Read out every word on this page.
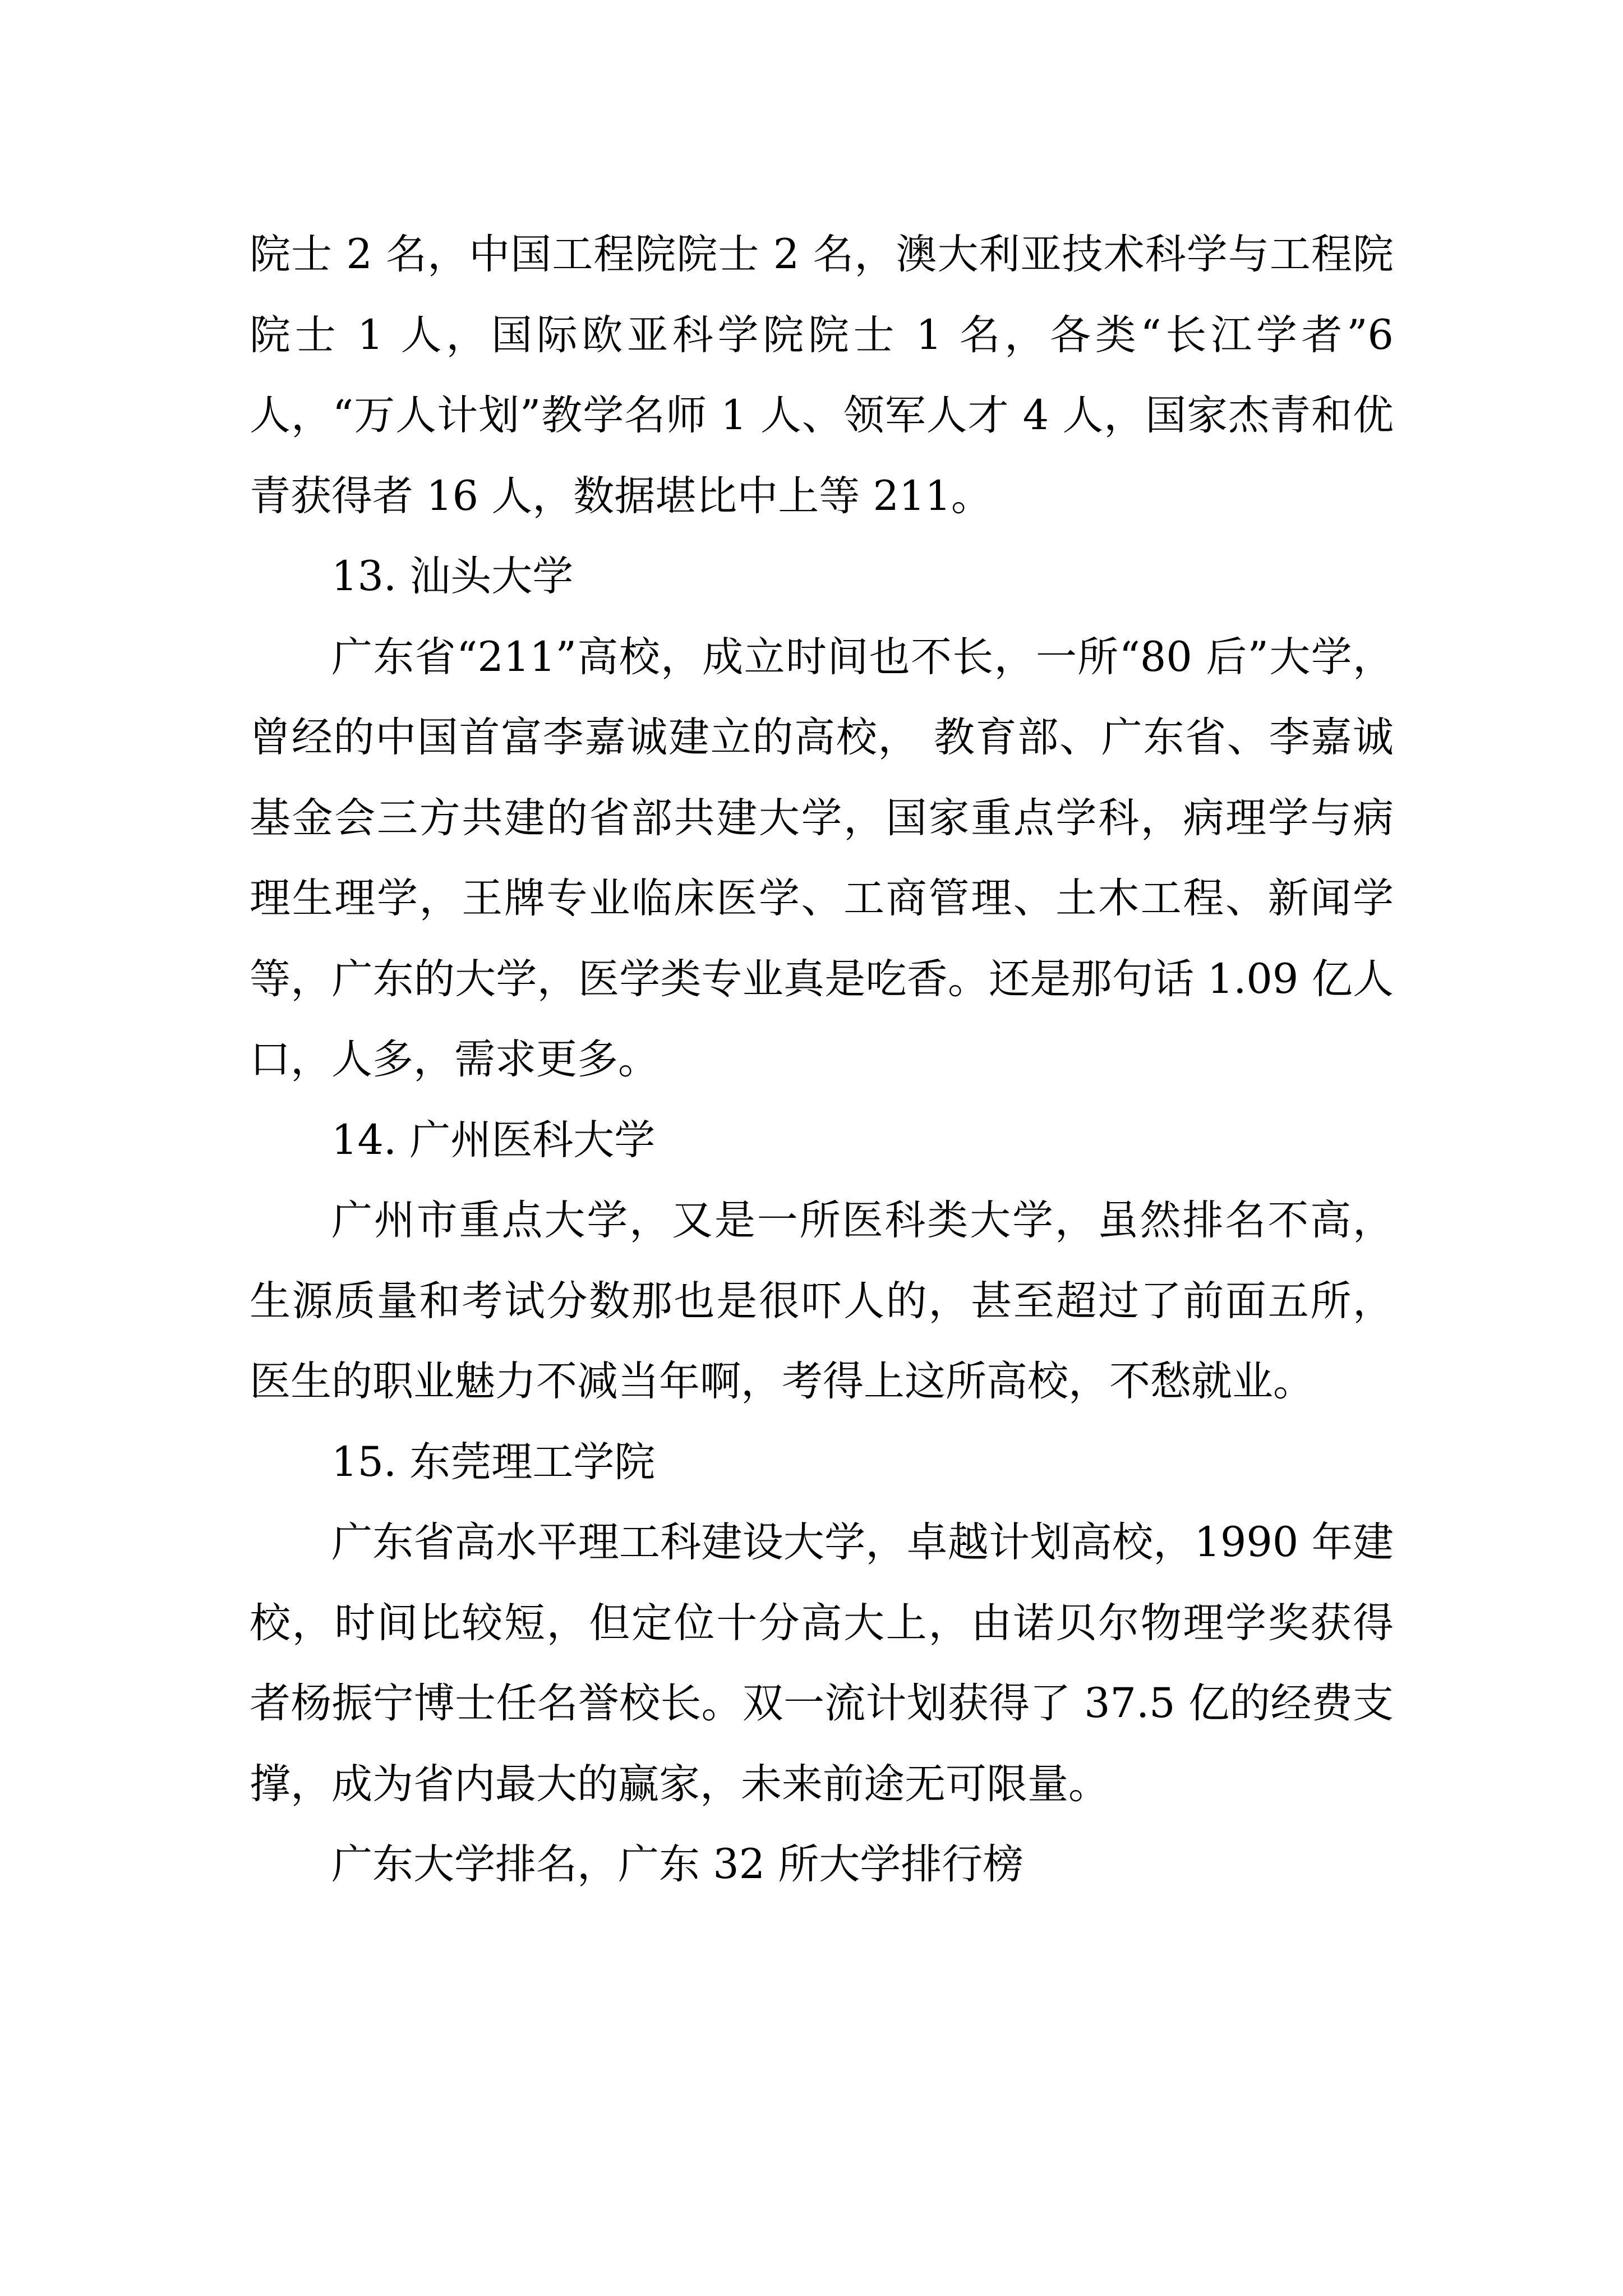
院士 2 名，中国工程院院士 2 名，澳大利亚技术科学与工程院院士 1 人，国际欧亚科学院院士 1 名，各类“长江学者”6 人，“万人计划”教学名师 1 人、领军人才 4 人，国家杰青和优青获得者 16 人，数据堪比中上等 211。

13. 汕头大学

广东省“211”高校，成立时间也不长，一所“80 后”大学，曾经的中国首富李嘉诚建立的高校， 教育部、广东省、李嘉诚基金会三方共建的省部共建大学，国家重点学科，病理学与病理生理学，王牌专业临床医学、工商管理、土木工程、新闻学等，广东的大学，医学类专业真是吃香。还是那句话 1.09 亿人口，人多，需求更多。

14. 广州医科大学

广州市重点大学，又是一所医科类大学，虽然排名不高，生源质量和考试分数那也是很吓人的，甚至超过了前面五所，医生的职业魅力不减当年啊，考得上这所高校，不愁就业。

15. 东莞理工学院

广东省高水平理工科建设大学，卓越计划高校，1990 年建校，时间比较短，但定位十分高大上，由诺贝尔物理学奖获得者杨振宁博士任名誉校长。双一流计划获得了 37.5 亿的经费支撑，成为省内最大的赢家，未来前途无可限量。

广东大学排名，广东 32 所大学排行榜
